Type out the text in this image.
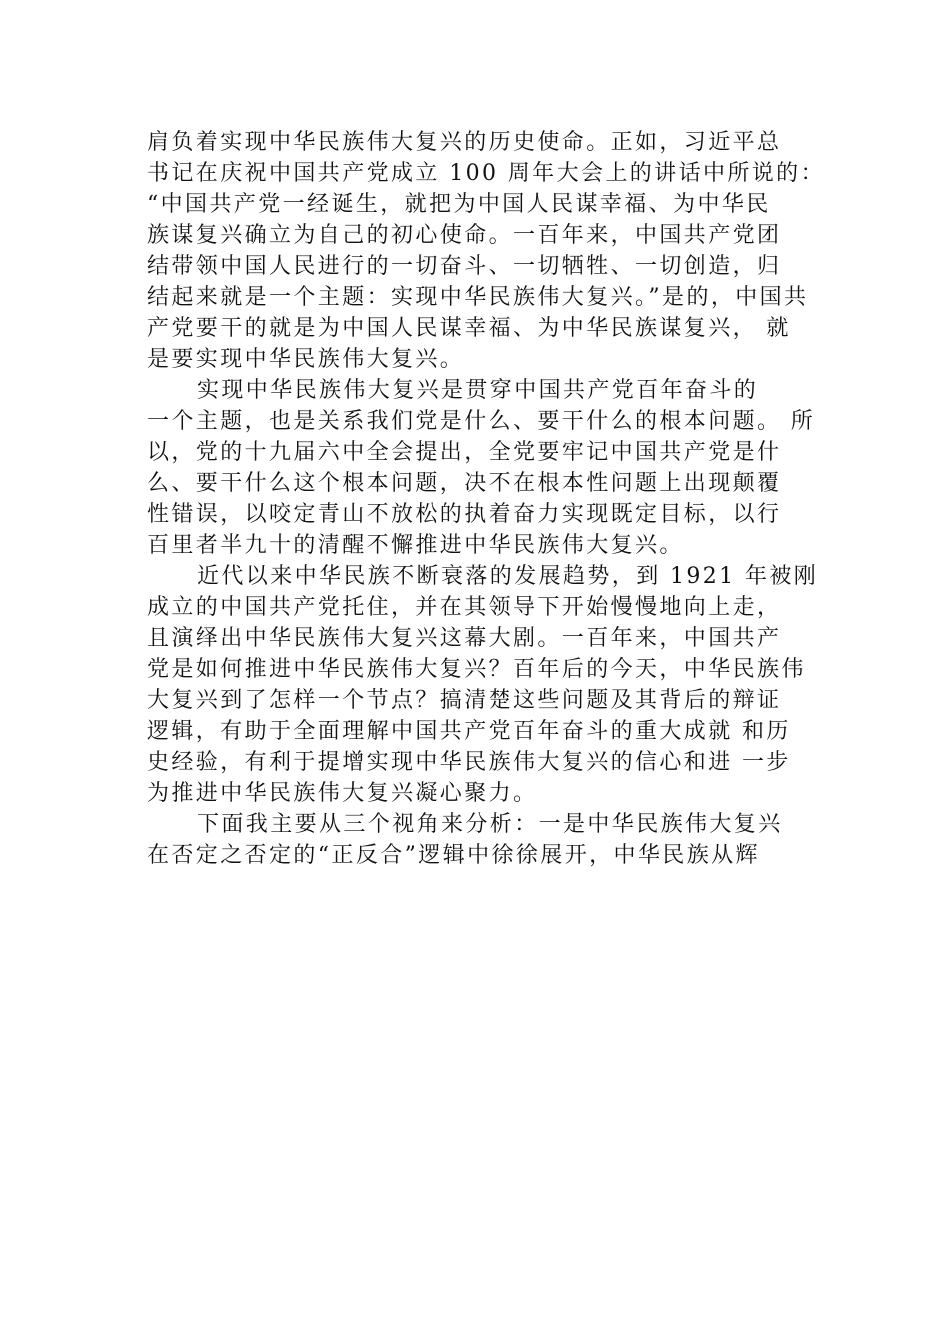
肩负着实现中华民族伟大复兴的历史使命。正如，习近平总
书记在庆祝中国共产党成立 100 周年大会上的讲话中所说的：
“中国共产党一经诞生，就把为中国人民谋幸福、为中华民
族谋复兴确立为自己的初心使命。一百年来，中国共产党团
结带领中国人民进行的一切奋斗、一切牺牲、一切创造，归
结起来就是一个主题：实现中华民族伟大复兴。”是的，中国共
产党要干的就是为中国人民谋幸福、为中华民族谋复兴， 就
是要实现中华民族伟大复兴。
实现中华民族伟大复兴是贯穿中国共产党百年奋斗的
一个主题，也是关系我们党是什么、要干什么的根本问题。 所
以，党的十九届六中全会提出，全党要牢记中国共产党是什
么、要干什么这个根本问题，决不在根本性问题上出现颠覆
性错误，以咬定青山不放松的执着奋力实现既定目标，以行
百里者半九十的清醒不懈推进中华民族伟大复兴。
近代以来中华民族不断衰落的发展趋势，到 1921 年被刚
成立的中国共产党托住，并在其领导下开始慢慢地向上走，
且演绎出中华民族伟大复兴这幕大剧。一百年来，中国共产
党是如何推进中华民族伟大复兴？百年后的今天，中华民族伟
大复兴到了怎样一个节点？搞清楚这些问题及其背后的辩证
逻辑，有助于全面理解中国共产党百年奋斗的重大成就 和历
史经验，有利于提增实现中华民族伟大复兴的信心和进 一步
为推进中华民族伟大复兴凝心聚力。
下面我主要从三个视角来分析：一是中华民族伟大复兴
在否定之否定的“正反合”逻辑中徐徐展开，中华民族从辉
